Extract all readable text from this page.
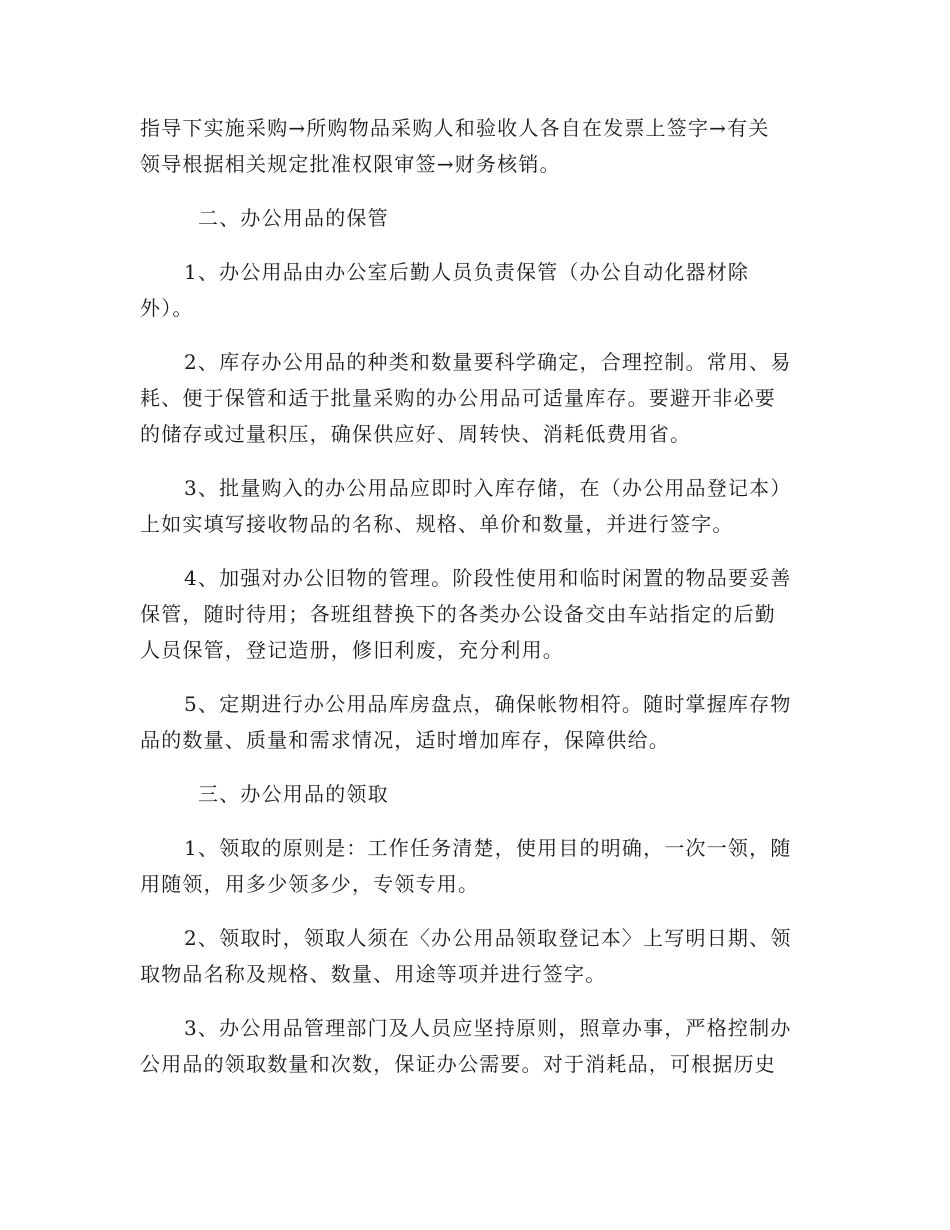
指导下实施采购→所购物品采购人和验收人各自在发票上签字→有关
领导根据相关规定批准权限审签→财务核销。
二、办公用品的保管
1、办公用品由办公室后勤人员负责保管（办公自动化器材除
外）。
2、库存办公用品的种类和数量要科学确定，合理控制。常用、易
耗、便于保管和适于批量采购的办公用品可适量库存。要避开非必要
的储存或过量积压，确保供应好、周转快、消耗低费用省。
3、批量购入的办公用品应即时入库存储，在（办公用品登记本）
上如实填写接收物品的名称、规格、单价和数量，并进行签字。
4、加强对办公旧物的管理。阶段性使用和临时闲置的物品要妥善
保管，随时待用；各班组替换下的各类办公设备交由车站指定的后勤
人员保管，登记造册，修旧利废，充分利用。
5、定期进行办公用品库房盘点，确保帐物相符。随时掌握库存物
品的数量、质量和需求情况，适时增加库存，保障供给。
三、办公用品的领取
1、领取的原则是：工作任务清楚，使用目的明确，一次一领，随
用随领，用多少领多少，专领专用。
2、领取时，领取人须在〈办公用品领取登记本〉上写明日期、领
取物品名称及规格、数量、用途等项并进行签字。
3、办公用品管理部门及人员应坚持原则，照章办事，严格控制办
公用品的领取数量和次数，保证办公需要。对于消耗品，可根据历史
